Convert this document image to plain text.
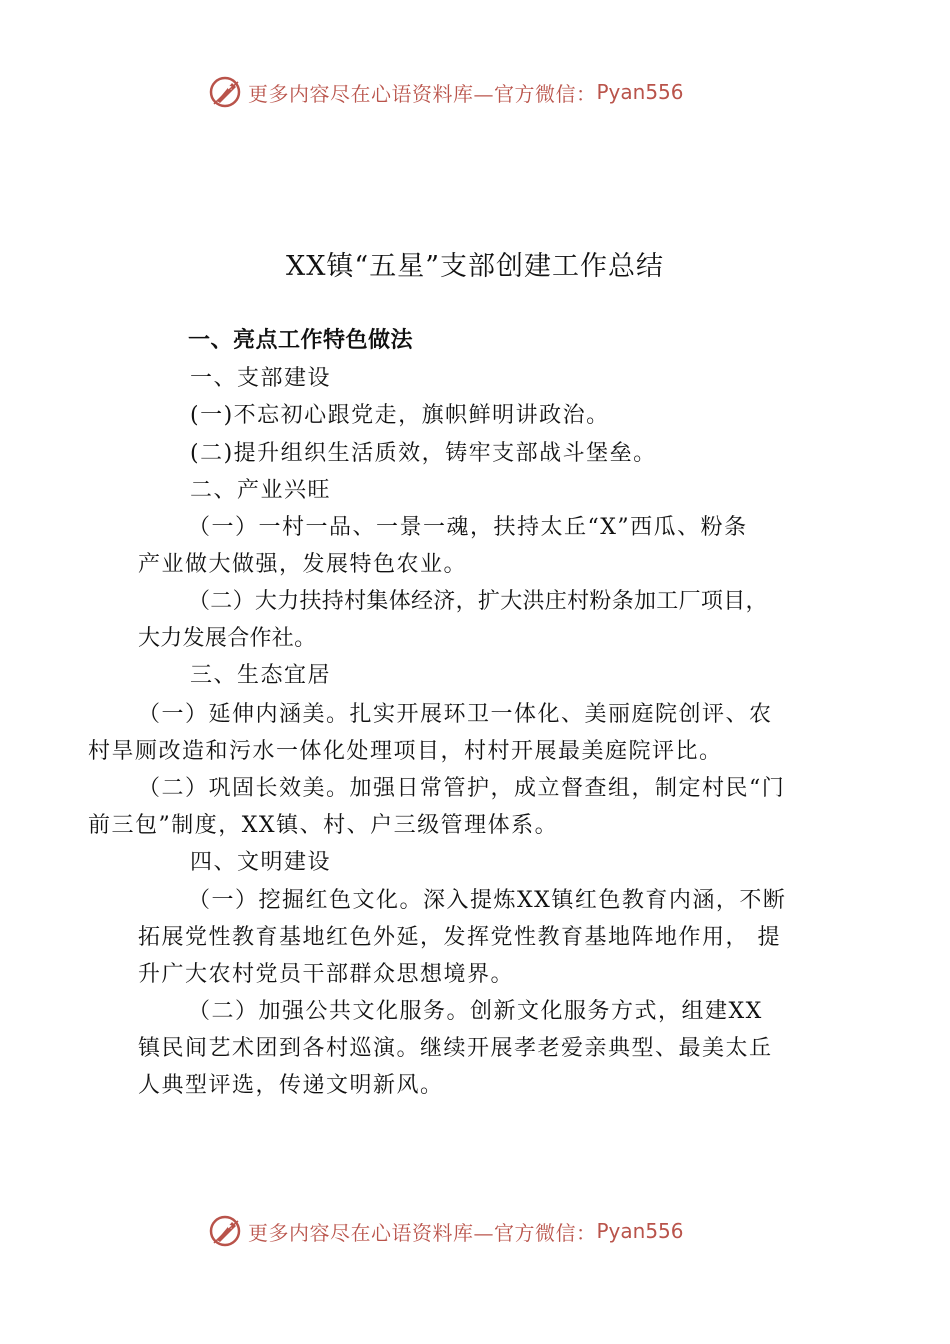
更多内容尽在心语资料库—官方微信： Pyan556
XX镇“五星”支部创建工作总结
一、亮点工作特色做法
一、支部建设
(一)不忘初心跟党走，旗帜鲜明讲政治。
(二)提升组织生活质效，铸牢支部战斗堡垒。
二、产业兴旺
（一）一村一品、一景一魂，扶持太丘“X”西瓜、粉条
产业做大做强，发展特色农业。
（二）大力扶持村集体经济，扩大洪庄村粉条加工厂项目，
大力发展合作社。
三、生态宜居
（一）延伸内涵美。扎实开展环卫一体化、美丽庭院创评、农
村旱厕改造和污水一体化处理项目，村村开展最美庭院评比。
（二）巩固长效美。加强日常管护，成立督查组，制定村民“门
前三包”制度，XX镇、村、户三级管理体系。
四、文明建设
（一）挖掘红色文化。深入提炼XX镇红色教育内涵，不断
拓展党性教育基地红色外延，发挥党性教育基地阵地作用， 提
升广大农村党员干部群众思想境界。
（二）加强公共文化服务。创新文化服务方式，组建XX
镇民间艺术团到各村巡演。继续开展孝老爱亲典型、最美太丘
人典型评选，传递文明新风。
更多内容尽在心语资料库—官方微信： Pyan556
